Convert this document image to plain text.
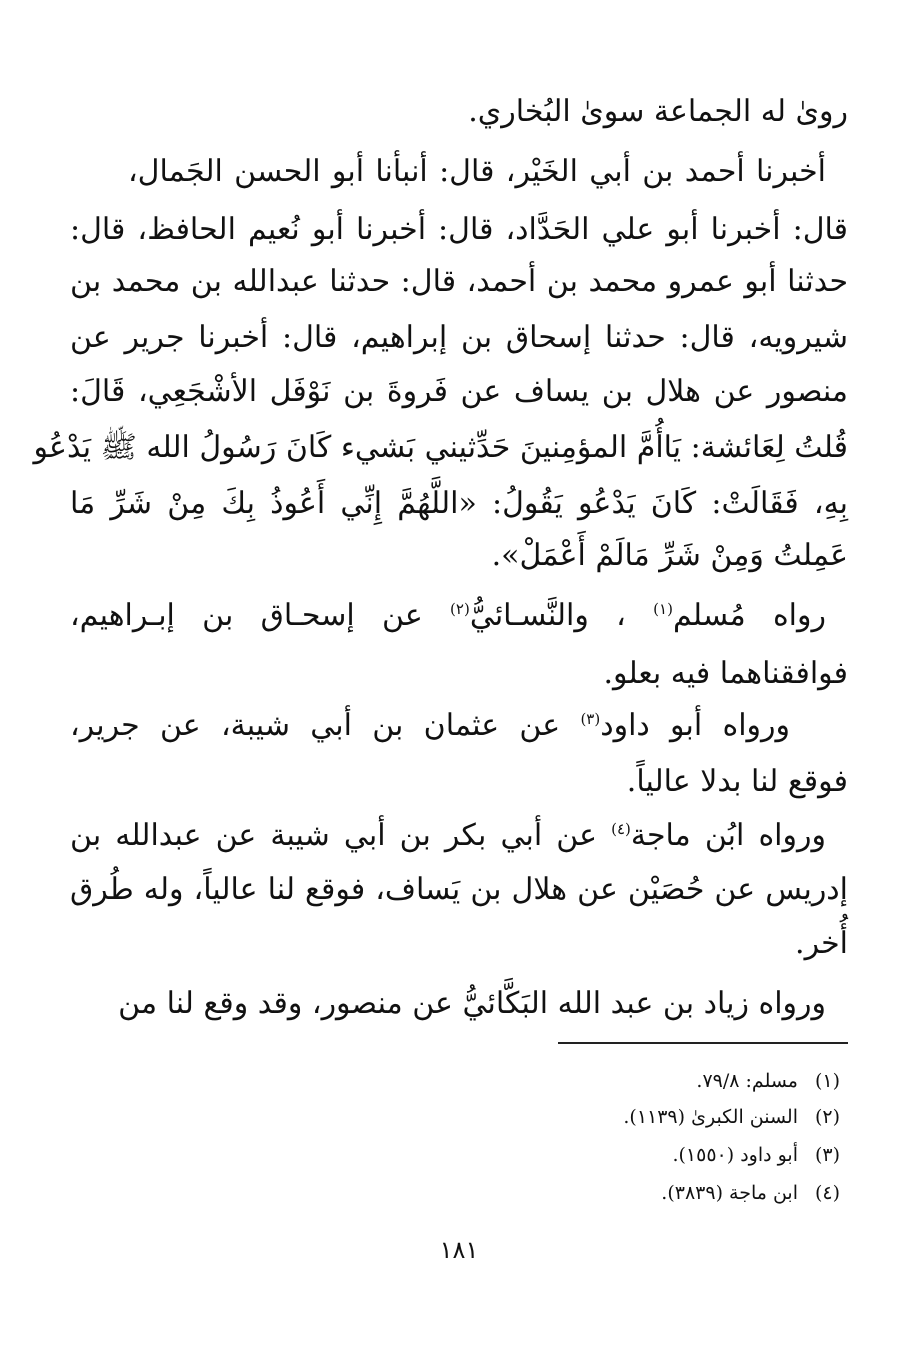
رویٰ له الجماعة سویٰ البُخاري.
أخبرنا أحمد بن أبي الخَيْر، قال: أنبأنا أبو الحسن الجَمال،
قال: أخبرنا أبو علي الحَدَّاد، قال: أخبرنا أبو نُعيم الحافظ، قال:
حدثنا أبو عمرو محمد بن أحمد، قال: حدثنا عبدالله بن محمد بن
شيرويه، قال: حدثنا إسحاق بن إبراهيم، قال: أخبرنا جرير عن
منصور عن هلال بن يساف عن فَروةَ بن نَوْفَل الأشْجَعِي، قَالَ:
قُلتُ لِعَائشة: يَاأُمَّ المؤمِنينَ حَدِّثيني بَشيء كَانَ رَسُولُ الله ﷺ يَدْعُو
بِهِ، فَقَالَتْ: كَانَ يَدْعُو يَقُولُ: «اللَّهُمَّ إِنِّي أَعُوذُ بِكَ مِنْ شَرِّ مَا
عَمِلتُ وَمِنْ شَرِّ مَالَمْ أَعْمَلْ».
رواه مُسلم$^{(١)}$ ، والنَّسـائيُّ$^{(٢)}$ عن إسحـاق بن إبـراهيم،
فوافقناهما فيه بعلو.
ورواه أبو داود$^{(٣)}$ عن عثمان بن أبي شيبة، عن جرير،
فوقع لنا بدلا عالياً.
ورواه ابُن ماجة$^{(٤)}$ عن أبي بكر بن أبي شيبة عن عبدالله بن
إدريس عن حُصَيْن عن هلال بن يَساف، فوقع لنا عالياً، وله طُرق
أُخر.
ورواه زياد بن عبد الله البَكَّائيُّ عن منصور، وقد وقع لنا من
(١)مسلم: ٧٩/٨.
(٢)السنن الكبرىٰ (١١٣٩).
(٣)أبو داود (١٥٥٠).
(٤)ابن ماجة (٣٨٣٩).
١٨١
